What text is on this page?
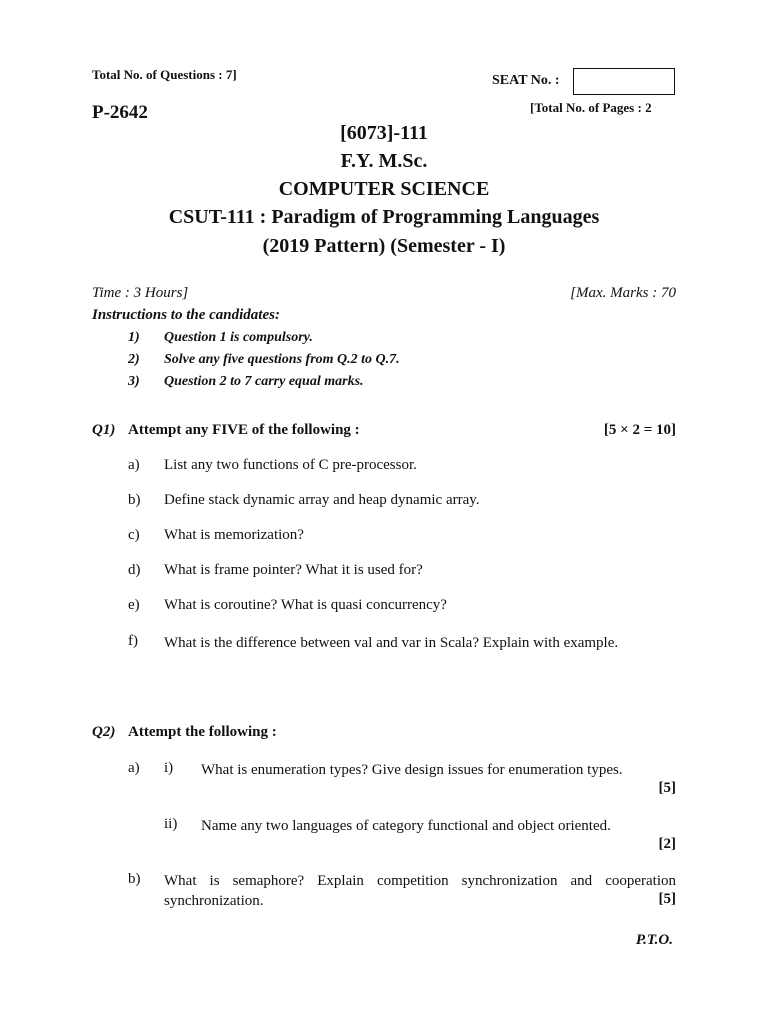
Total No. of Questions : 7]	SEAT No. :
P-2642	[Total No. of Pages : 2
[6073]-111
F.Y. M.Sc.
COMPUTER SCIENCE
CSUT-111 : Paradigm of Programming Languages
(2019 Pattern) (Semester - I)
Time : 3 Hours]	[Max. Marks : 70
Instructions to the candidates:
1) Question 1 is compulsory.
2) Solve any five questions from Q.2 to Q.7.
3) Question 2 to 7 carry equal marks.
Q1) Attempt any FIVE of the following :	[5 × 2 = 10]
a) List any two functions of C pre-processor.
b) Define stack dynamic array and heap dynamic array.
c) What is memorization?
d) What is frame pointer? What it is used for?
e) What is coroutine? What is quasi concurrency?
f) What is the difference between val and var in Scala? Explain with example.
Q2) Attempt the following :
a) i) What is enumeration types? Give design issues for enumeration types.
[5]
ii) Name any two languages of category functional and object oriented.
[2]
b) What is semaphore? Explain competition synchronization and cooperation synchronization.	[5]
P.T.O.
